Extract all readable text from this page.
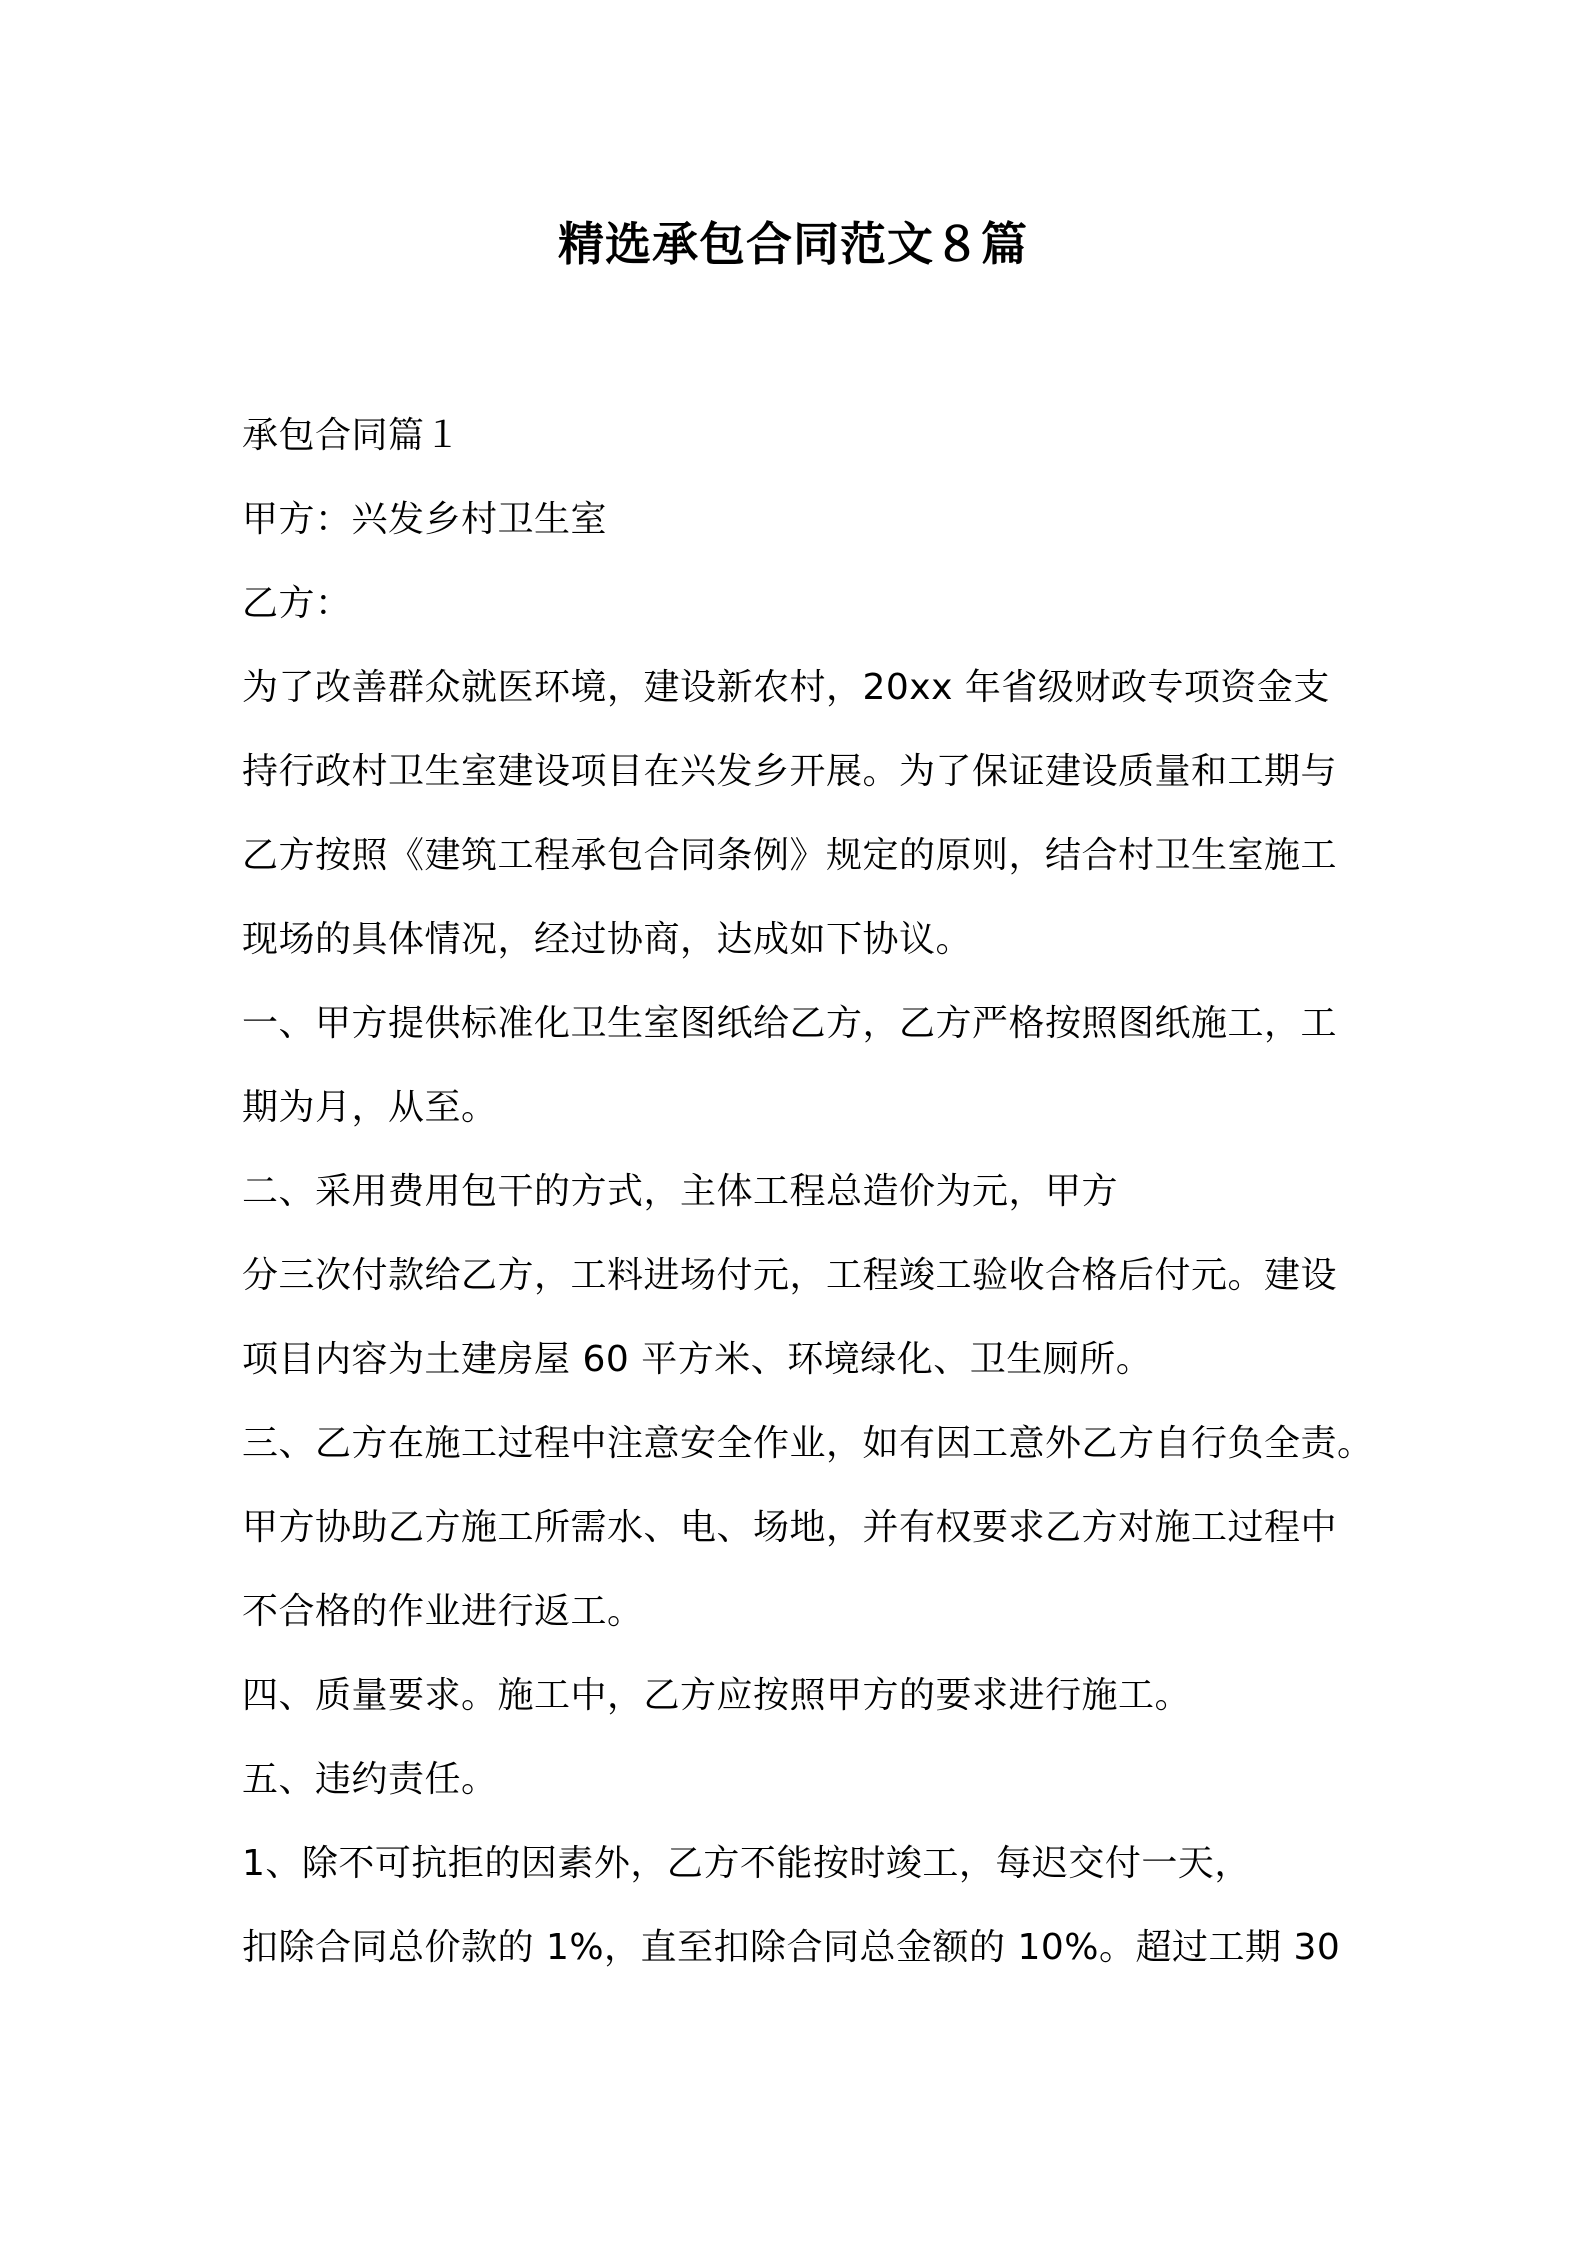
精选承包合同范文８篇
承包合同篇１
甲方：兴发乡村卫生室
乙方：
为了改善群众就医环境，建设新农村，20xx 年省级财政专项资金支
持行政村卫生室建设项目在兴发乡开展。为了保证建设质量和工期与
乙方按照《建筑工程承包合同条例》规定的原则，结合村卫生室施工
现场的具体情况，经过协商，达成如下协议。
一、甲方提供标准化卫生室图纸给乙方，乙方严格按照图纸施工，工
期为月，从至。
二、采用费用包干的方式，主体工程总造价为元，甲方
分三次付款给乙方，工料进场付元，工程竣工验收合格后付元。建设
项目内容为土建房屋 60 平方米、环境绿化、卫生厕所。
三、乙方在施工过程中注意安全作业，如有因工意外乙方自行负全责。
甲方协助乙方施工所需水、电、场地，并有权要求乙方对施工过程中
不合格的作业进行返工。
四、质量要求。施工中，乙方应按照甲方的要求进行施工。
五、违约责任。
1、除不可抗拒的因素外，乙方不能按时竣工，每迟交付一天，
扣除合同总价款的 1%，直至扣除合同总金额的 10%。超过工期 30
